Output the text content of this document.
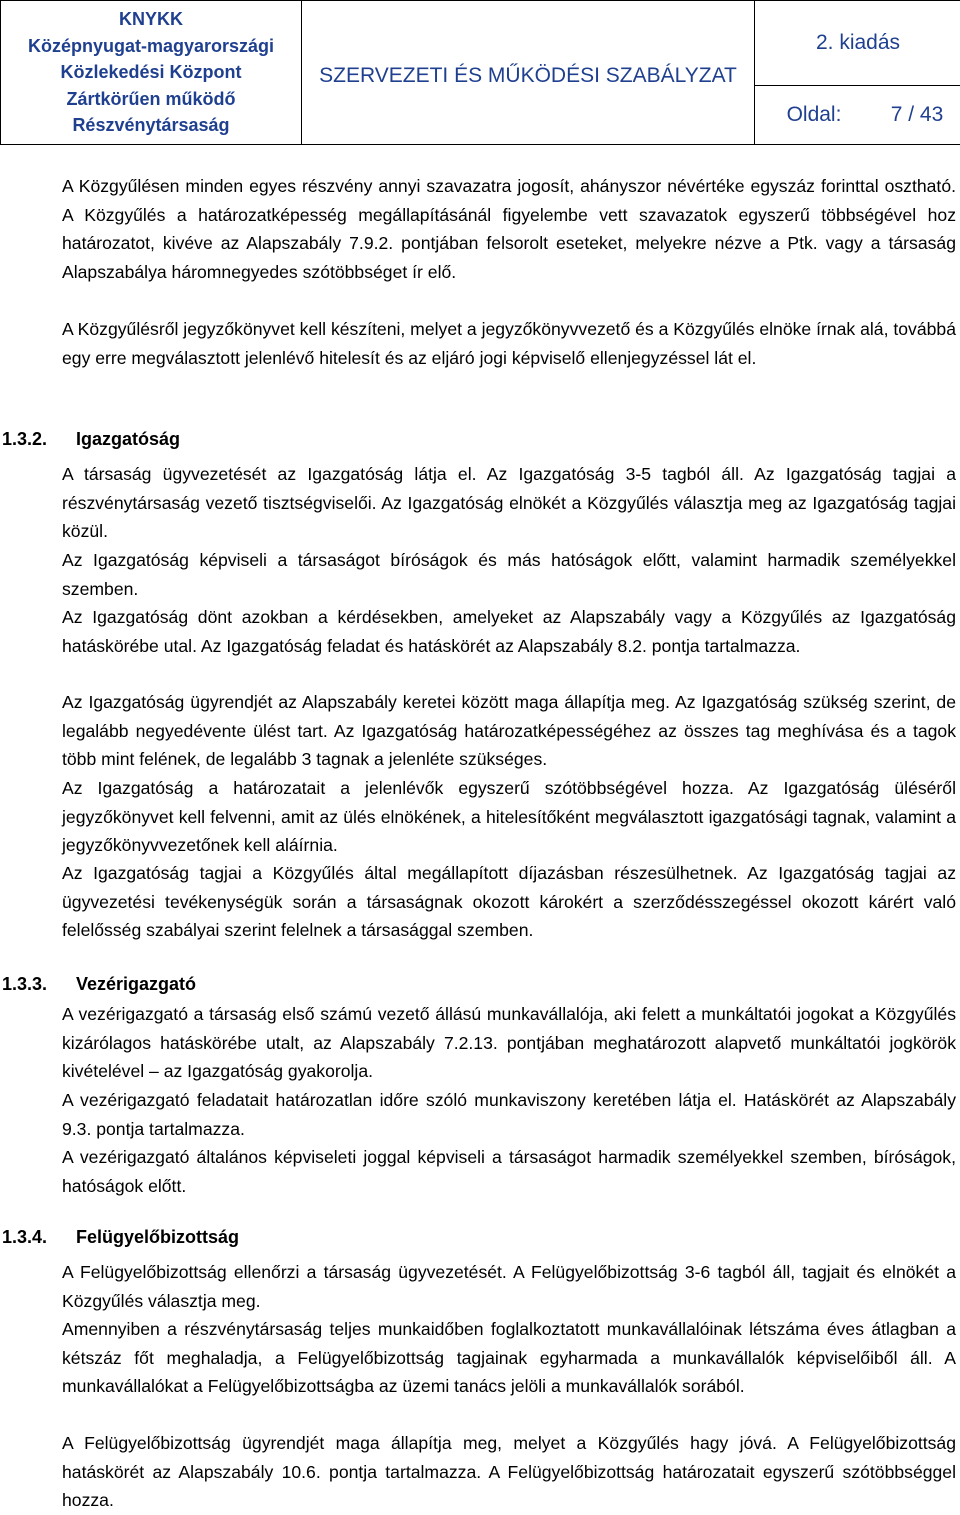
KNYKK
Középnyugat-magyarországi
Közlekedési Központ
Zártkörűen működő
Részvénytársaság

SZERVEZETI ÉS MŰKÖDÉSI SZABÁLYZAT

2. kiadás
Oldal:	7 / 43
A Közgyűlésen minden egyes részvény annyi szavazatra jogosít, ahányszor névértéke egyszáz forinttal osztható. A Közgyűlés a határozatképesség megállapításánál figyelembe vett szavazatok egyszerű többségével hoz határozatot, kivéve az Alapszabály 7.9.2. pontjában felsorolt eseteket, melyekre nézve a Ptk. vagy a társaság Alapszabálya háromnegyedes szótöbbséget ír elő.
A Közgyűlésről jegyzőkönyvet kell készíteni, melyet a jegyzőkönyvvezető és a Közgyűlés elnöke írnak alá, továbbá egy erre megválasztott jelenlévő hitelesít és az eljáró jogi képviselő ellenjegyzéssel lát el.
1.3.2. Igazgatóság
A társaság ügyvezetését az Igazgatóság látja el. Az Igazgatóság 3-5 tagból áll. Az Igazgatóság tagjai a részvénytársaság vezető tisztségviselői. Az Igazgatóság elnökét a Közgyűlés választja meg az Igazgatóság tagjai közül.
Az Igazgatóság képviseli a társaságot bíróságok és más hatóságok előtt, valamint harmadik személyekkel szemben.
Az Igazgatóság dönt azokban a kérdésekben, amelyeket az Alapszabály vagy a Közgyűlés az Igazgatóság hatáskörébe utal. Az Igazgatóság feladat és hatáskörét az Alapszabály 8.2. pontja tartalmazza.
Az Igazgatóság ügyrendjét az Alapszabály keretei között maga állapítja meg. Az Igazgatóság szükség szerint, de legalább negyedévente ülést tart. Az Igazgatóság határozatképességéhez az összes tag meghívása és a tagok több mint felének, de legalább 3 tagnak a jelenléte szükséges.
Az Igazgatóság a határozatait a jelenlévők egyszerű szótöbbségével hozza. Az Igazgatóság üléséről jegyzőkönyvet kell felvenni, amit az ülés elnökének, a hitelesítőként megválasztott igazgatósági tagnak, valamint a jegyzőkönyvvezetőnek kell aláírnia.
Az Igazgatóság tagjai a Közgyűlés által megállapított díjazásban részesülhetnek. Az Igazgatóság tagjai az ügyvezetési tevékenységük során a társaságnak okozott károkért a szerződésszegéssel okozott kárért való felelősség szabályai szerint felelnek a társasággal szemben.
1.3.3. Vezérigazgató
A vezérigazgató a társaság első számú vezető állású munkavállalója, aki felett a munkáltatói jogokat a Közgyűlés kizárólagos hatáskörébe utalt, az Alapszabály 7.2.13. pontjában meghatározott alapvető munkáltatói jogkörök kivételével – az Igazgatóság gyakorolja.
A vezérigazgató feladatait határozatlan időre szóló munkaviszony keretében látja el. Hatáskörét az Alapszabály 9.3. pontja tartalmazza.
A vezérigazgató általános képviseleti joggal képviseli a társaságot harmadik személyekkel szemben, bíróságok, hatóságok előtt.
1.3.4. Felügyelőbizottság
A Felügyelőbizottság ellenőrzi a társaság ügyvezetését. A Felügyelőbizottság 3-6 tagból áll, tagjait és elnökét a Közgyűlés választja meg.
Amennyiben a részvénytársaság teljes munkaidőben foglalkoztatott munkavállalóinak létszáma éves átlagban a kétszáz főt meghaladja, a Felügyelőbizottság tagjainak egyharmada a munkavállalók képviselőiből áll. A munkavállalókat a Felügyelőbizottságba az üzemi tanács jelöli a munkavállalók sorából.
A Felügyelőbizottság ügyrendjét maga állapítja meg, melyet a Közgyűlés hagy jóvá. A Felügyelőbizottság hatáskörét az Alapszabály 10.6. pontja tartalmazza. A Felügyelőbizottság határozatait egyszerű szótöbbséggel hozza.
